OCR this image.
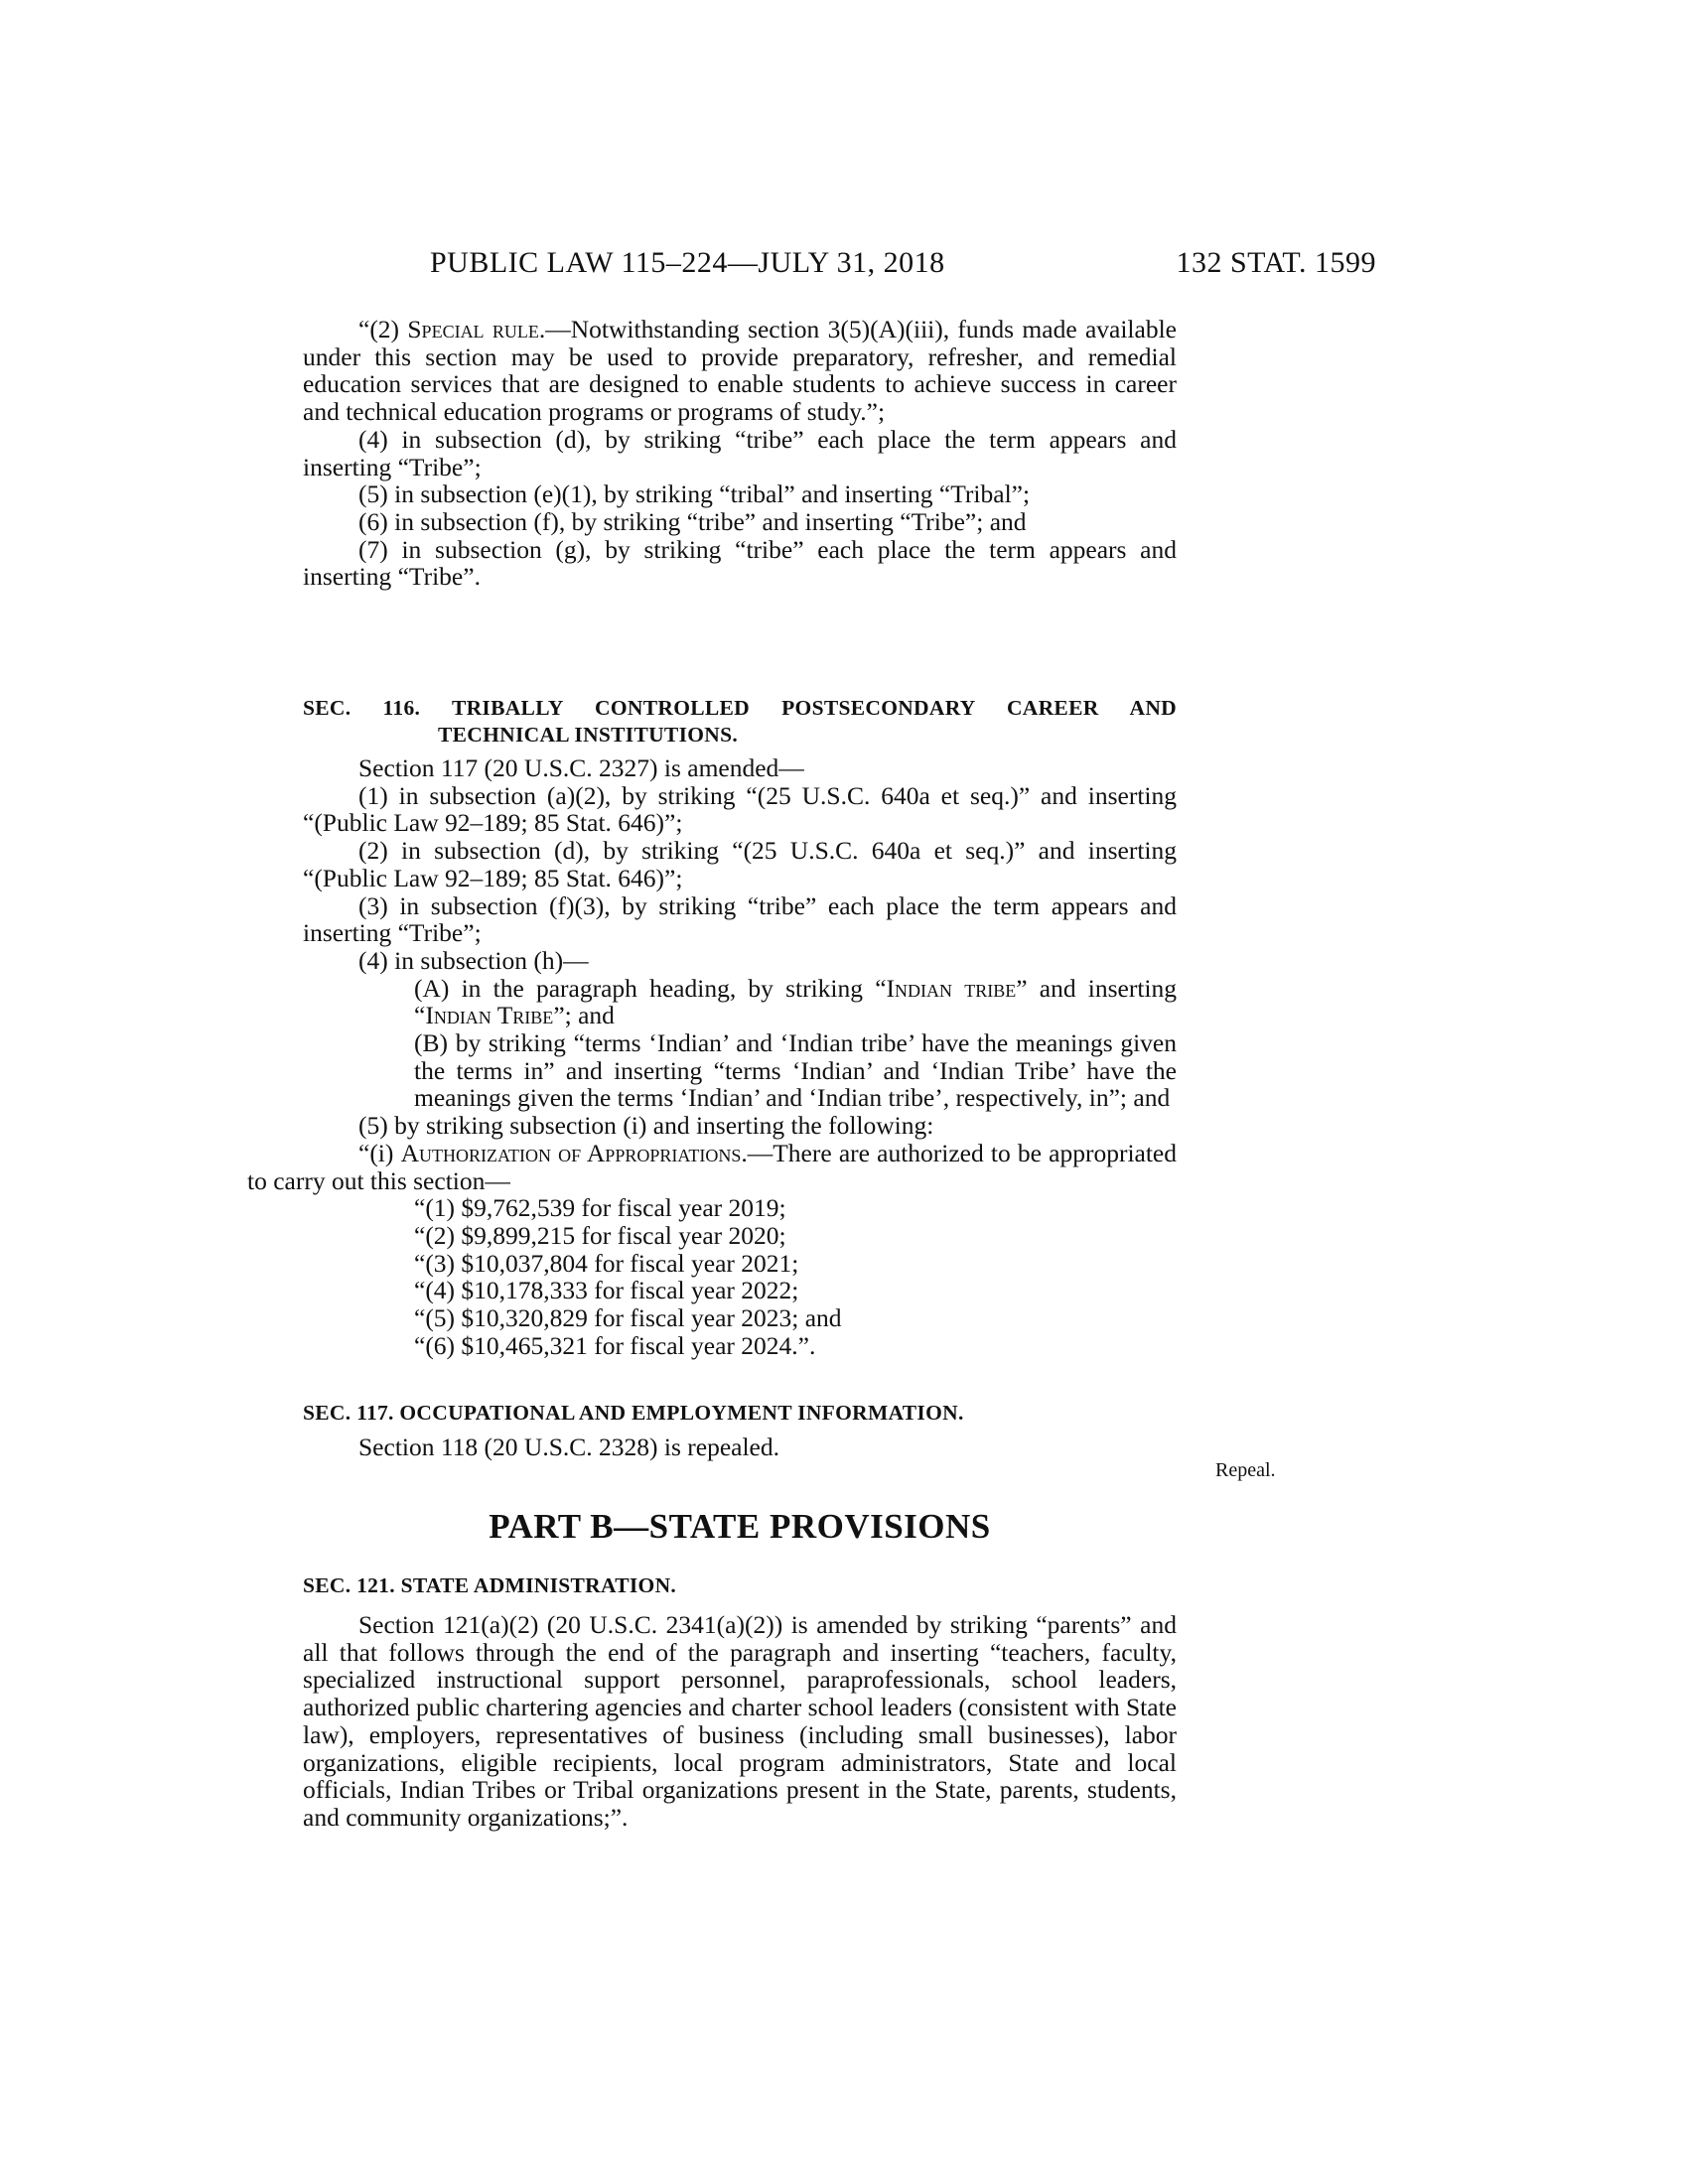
PUBLIC LAW 115–224—JULY 31, 2018	132 STAT. 1599

“(2) Special rule.—Notwithstanding section 3(5)(A)(iii), funds made available under this section may be used to provide preparatory, refresher, and remedial education services that are designed to enable students to achieve success in career and technical education programs or programs of study.”;

(4) in subsection (d), by striking “tribe” each place the term appears and inserting “Tribe”;

(5) in subsection (e)(1), by striking “tribal” and inserting “Tribal”;

(6) in subsection (f), by striking “tribe” and inserting “Tribe”; and

(7) in subsection (g), by striking “tribe” each place the term appears and inserting “Tribe”.

SEC. 116. TRIBALLY CONTROLLED POSTSECONDARY CAREER AND
TECHNICAL INSTITUTIONS.

Section 117 (20 U.S.C. 2327) is amended—

(1) in subsection (a)(2), by striking “(25 U.S.C. 640a et seq.)” and inserting “(Public Law 92–189; 85 Stat. 646)”;

(2) in subsection (d), by striking “(25 U.S.C. 640a et seq.)” and inserting “(Public Law 92–189; 85 Stat. 646)”;

(3) in subsection (f)(3), by striking “tribe” each place the term appears and inserting “Tribe”;

(4) in subsection (h)—

(A) in the paragraph heading, by striking “Indian tribe” and inserting “Indian Tribe”; and

(B) by striking “terms ‘Indian’ and ‘Indian tribe’ have the meanings given the terms in” and inserting “terms ‘Indian’ and ‘Indian Tribe’ have the meanings given the terms ‘Indian’ and ‘Indian tribe’, respectively, in”; and

(5) by striking subsection (i) and inserting the following:

“(i) Authorization of Appropriations.—There are authorized to be appropriated to carry out this section—

“(1) $9,762,539 for fiscal year 2019;

“(2) $9,899,215 for fiscal year 2020;

“(3) $10,037,804 for fiscal year 2021;

“(4) $10,178,333 for fiscal year 2022;

“(5) $10,320,829 for fiscal year 2023; and

“(6) $10,465,321 for fiscal year 2024.”.

SEC. 117. OCCUPATIONAL AND EMPLOYMENT INFORMATION.

Section 118 (20 U.S.C. 2328) is repealed.

Repeal.
PART B—STATE PROVISIONS
SEC. 121. STATE ADMINISTRATION.

Section 121(a)(2) (20 U.S.C. 2341(a)(2)) is amended by striking “parents” and all that follows through the end of the paragraph and inserting “teachers, faculty, specialized instructional support personnel, paraprofessionals, school leaders, authorized public chartering agencies and charter school leaders (consistent with State law), employers, representatives of business (including small businesses), labor organizations, eligible recipients, local program administrators, State and local officials, Indian Tribes or Tribal organizations present in the State, parents, students, and community organizations;”.
